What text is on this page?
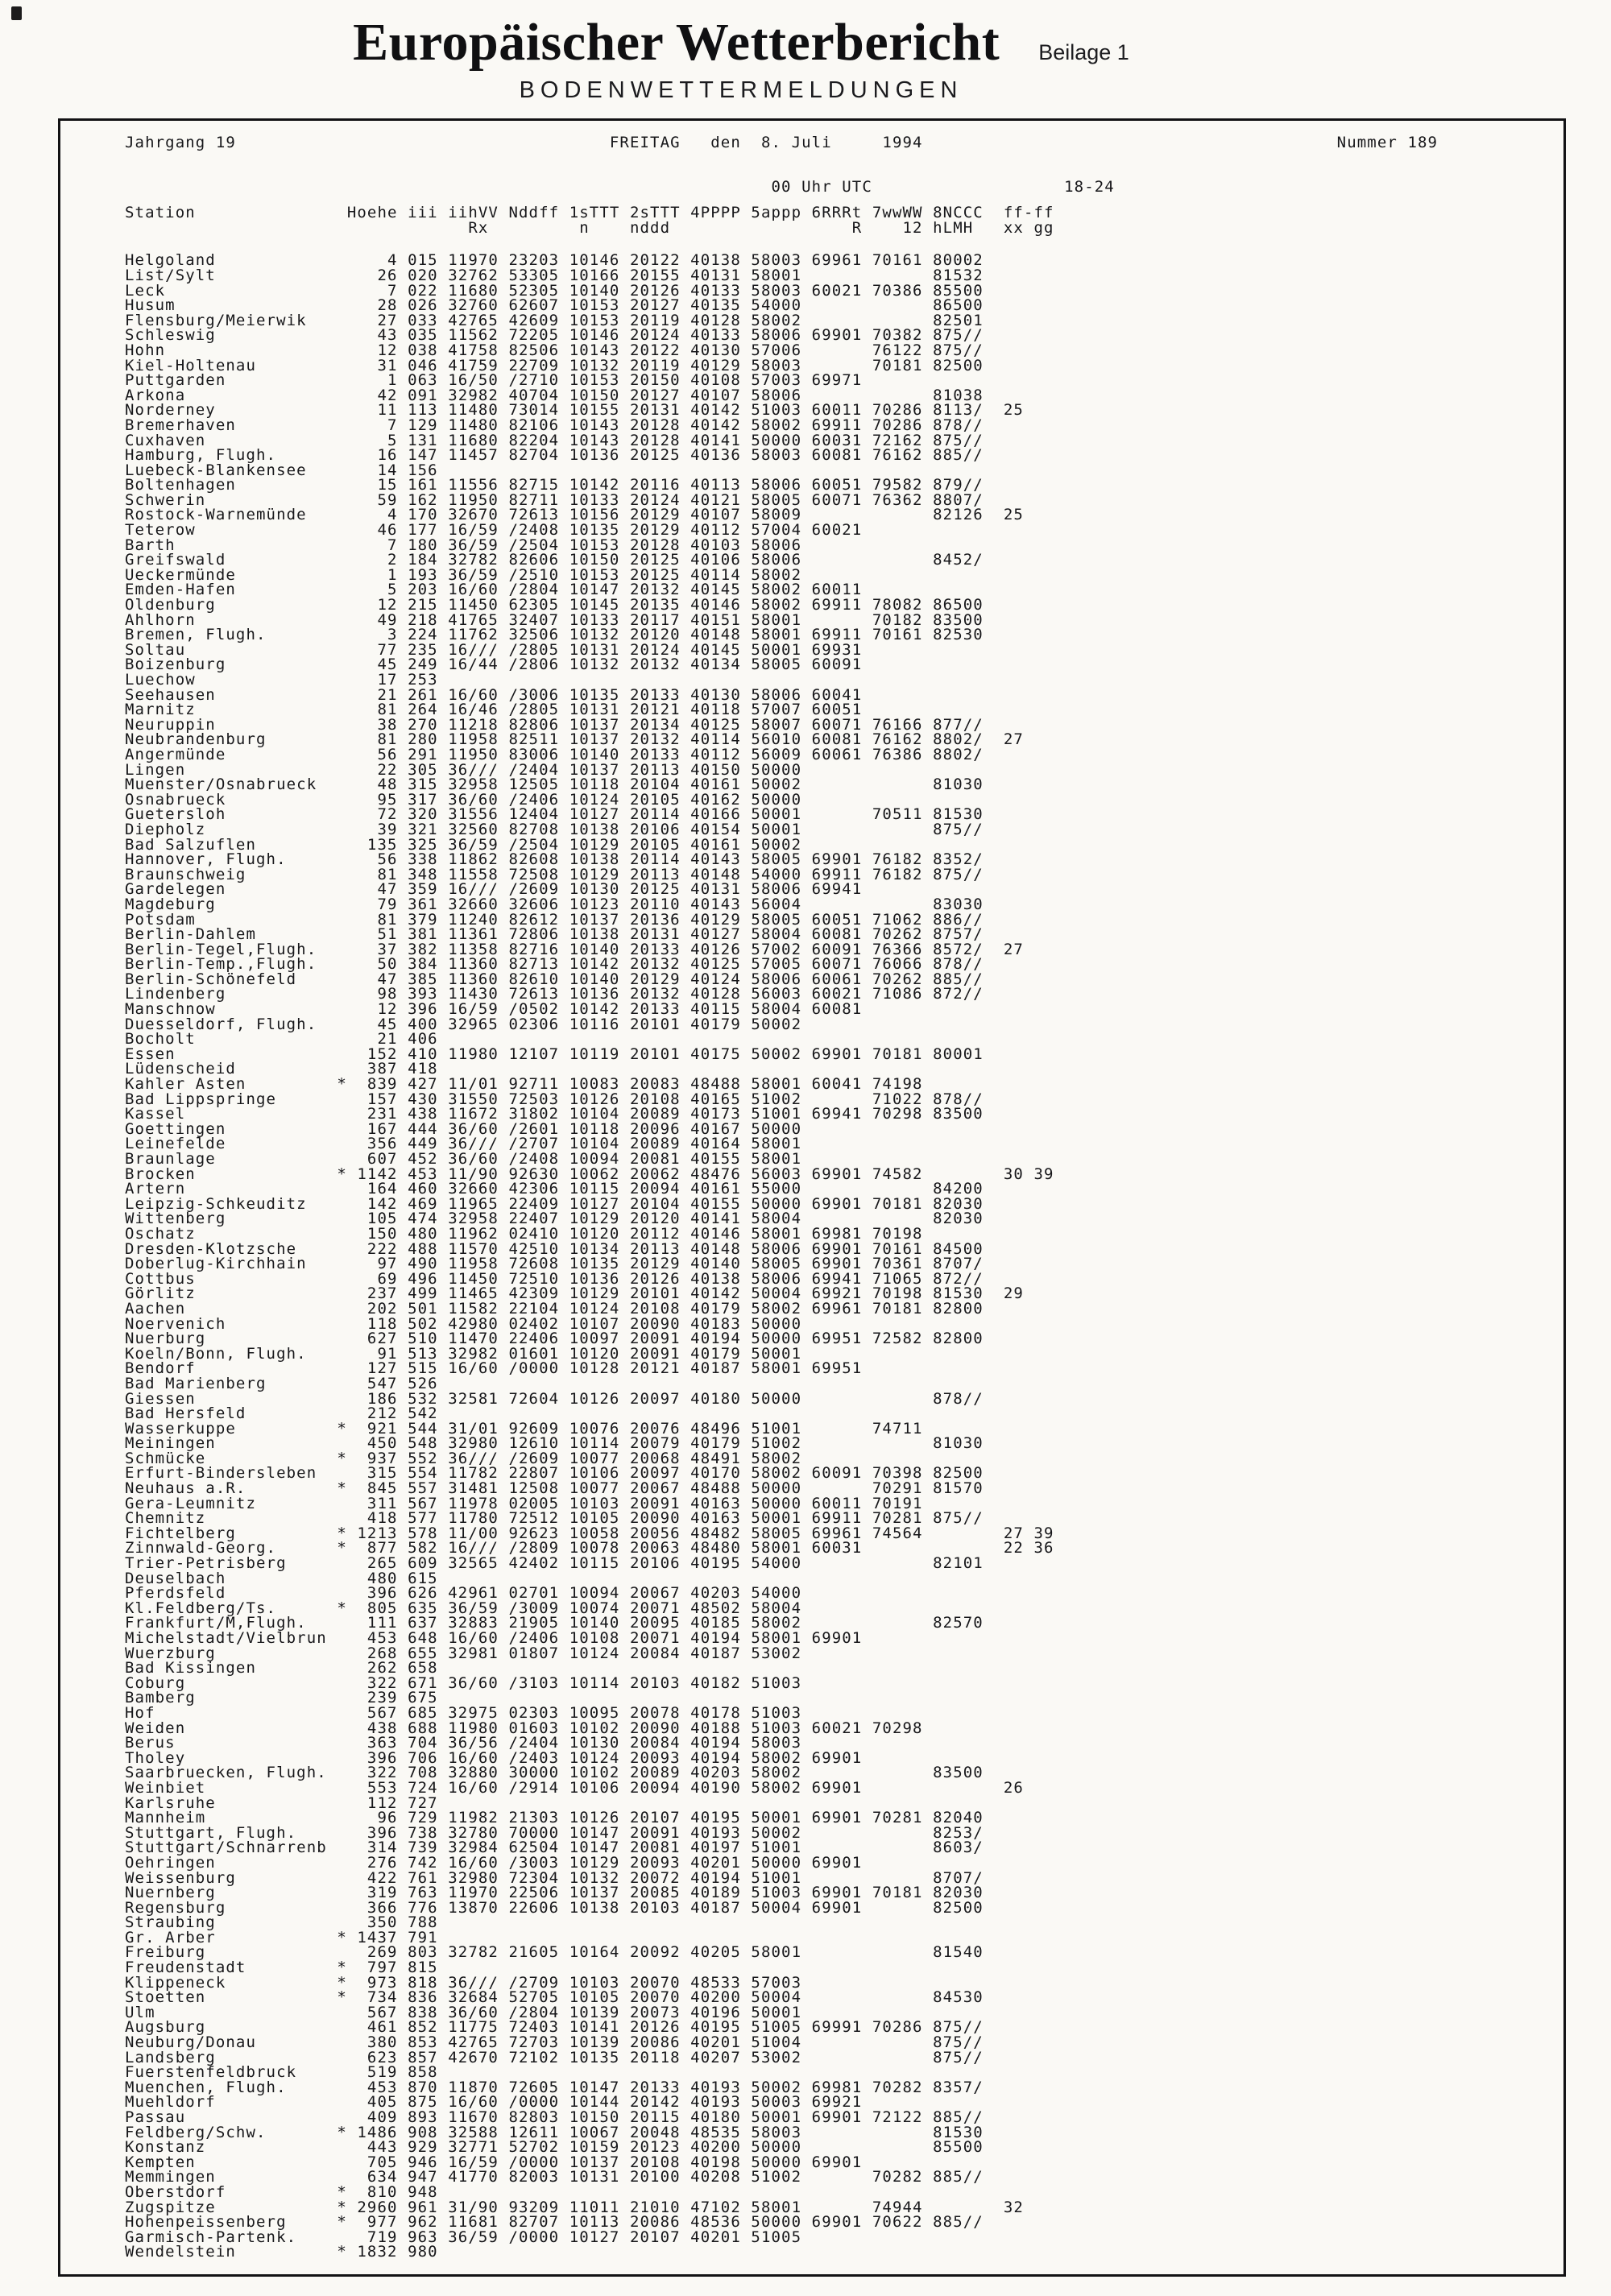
Europäischer Wetterbericht Beilage 1
BODENWETTERMELDUNGEN
Jahrgang 19                                     FREITAG   den  8. Juli     1994                                         Nummer 189
00 Uhr UTC                   18-24
Station               Hoehe iii iihVV Nddff 1sTTT 2sTTT 4PPPP 5appp 6RRRt 7wwWW 8NCCC  ff-ff
Rx         n    nddd                  R    12 hLMH   xx gg
Helgoland                 4 015 11970 23203 10146 20122 40138 58003 69961 70161 80002
List/Sylt                26 020 32762 53305 10166 20155 40131 58001             81532
Leck                      7 022 11680 52305 10140 20126 40133 58003 60021 70386 85500
Husum                    28 026 32760 62607 10153 20127 40135 54000             86500
Flensburg/Meierwik       27 033 42765 42609 10153 20119 40128 58002             82501
Schleswig                43 035 11562 72205 10146 20124 40133 58006 69901 70382 875//
Hohn                     12 038 41758 82506 10143 20122 40130 57006       76122 875//
Kiel-Holtenau            31 046 41759 22709 10132 20119 40129 58003       70181 82500
Puttgarden                1 063 16/50 /2710 10153 20150 40108 57003 69971
Arkona                   42 091 32982 40704 10150 20127 40107 58006             81038
Norderney                11 113 11480 73014 10155 20131 40142 51003 60011 70286 8113/  25
Bremerhaven               7 129 11480 82106 10143 20128 40142 58002 69911 70286 878//
Cuxhaven                  5 131 11680 82204 10143 20128 40141 50000 60031 72162 875//
Hamburg, Flugh.          16 147 11457 82704 10136 20125 40136 58003 60081 76162 885//
Luebeck-Blankensee       14 156
Boltenhagen              15 161 11556 82715 10142 20116 40113 58006 60051 79582 879//
Schwerin                 59 162 11950 82711 10133 20124 40121 58005 60071 76362 8807/
Rostock-Warnemünde        4 170 32670 72613 10156 20129 40107 58009             82126  25
Teterow                  46 177 16/59 /2408 10135 20129 40112 57004 60021
Barth                     7 180 36/59 /2504 10153 20128 40103 58006
Greifswald                2 184 32782 82606 10150 20125 40106 58006             8452/
Ueckermünde               1 193 36/59 /2510 10153 20125 40114 58002
Emden-Hafen               5 203 16/60 /2804 10147 20132 40145 58002 60011
Oldenburg                12 215 11450 62305 10145 20135 40146 58002 69911 78082 86500
Ahlhorn                  49 218 41765 32407 10133 20117 40151 58001       70182 83500
Bremen, Flugh.            3 224 11762 32506 10132 20120 40148 58001 69911 70161 82530
Soltau                   77 235 16/// /2805 10131 20124 40145 50001 69931
Boizenburg               45 249 16/44 /2806 10132 20132 40134 58005 60091
Luechow                  17 253
Seehausen                21 261 16/60 /3006 10135 20133 40130 58006 60041
Marnitz                  81 264 16/46 /2805 10131 20121 40118 57007 60051
Neuruppin                38 270 11218 82806 10137 20134 40125 58007 60071 76166 877//
Neubrandenburg           81 280 11958 82511 10137 20132 40114 56010 60081 76162 8802/  27
Angermünde               56 291 11950 83006 10140 20133 40112 56009 60061 76386 8802/
Lingen                   22 305 36/// /2404 10137 20113 40150 50000
Muenster/Osnabrueck      48 315 32958 12505 10118 20104 40161 50002             81030
Osnabrueck               95 317 36/60 /2406 10124 20105 40162 50000
Guetersloh               72 320 31556 12404 10127 20114 40166 50001       70511 81530
Diepholz                 39 321 32560 82708 10138 20106 40154 50001             875//
Bad Salzuflen           135 325 36/59 /2504 10129 20105 40161 50002
Hannover, Flugh.         56 338 11862 82608 10138 20114 40143 58005 69901 76182 8352/
Braunschweig             81 348 11558 72508 10129 20113 40148 54000 69911 76182 875//
Gardelegen               47 359 16/// /2609 10130 20125 40131 58006 69941
Magdeburg                79 361 32660 32606 10123 20110 40143 56004             83030
Potsdam                  81 379 11240 82612 10137 20136 40129 58005 60051 71062 886//
Berlin-Dahlem            51 381 11361 72806 10138 20131 40127 58004 60081 70262 8757/
Berlin-Tegel,Flugh.      37 382 11358 82716 10140 20133 40126 57002 60091 76366 8572/  27
Berlin-Temp.,Flugh.      50 384 11360 82713 10142 20132 40125 57005 60071 76066 878//
Berlin-Schönefeld        47 385 11360 82610 10140 20129 40124 58006 60061 70262 885//
Lindenberg               98 393 11430 72613 10136 20132 40128 56003 60021 71086 872//
Manschnow                12 396 16/59 /0502 10142 20133 40115 58004 60081
Duesseldorf, Flugh.      45 400 32965 02306 10116 20101 40179 50002
Bocholt                  21 406
Essen                   152 410 11980 12107 10119 20101 40175 50002 69901 70181 80001
Lüdenscheid             387 418
Kahler Asten         *  839 427 11/01 92711 10083 20083 48488 58001 60041 74198
Bad Lippspringe         157 430 31550 72503 10126 20108 40165 51002       71022 878//
Kassel                  231 438 11672 31802 10104 20089 40173 51001 69941 70298 83500
Goettingen              167 444 36/60 /2601 10118 20096 40167 50000
Leinefelde              356 449 36/// /2707 10104 20089 40164 58001
Braunlage               607 452 36/60 /2408 10094 20081 40155 58001
Brocken              * 1142 453 11/90 92630 10062 20062 48476 56003 69901 74582        30 39
Artern                  164 460 32660 42306 10115 20094 40161 55000             84200
Leipzig-Schkeuditz      142 469 11965 22409 10127 20104 40155 50000 69901 70181 82030
Wittenberg              105 474 32958 22407 10129 20120 40141 58004             82030
Oschatz                 150 480 11962 02410 10120 20112 40146 58001 69981 70198
Dresden-Klotzsche       222 488 11570 42510 10134 20113 40148 58006 69901 70161 84500
Doberlug-Kirchhain       97 490 11958 72608 10135 20129 40140 58005 69901 70361 8707/
Cottbus                  69 496 11450 72510 10136 20126 40138 58006 69941 71065 872//
Görlitz                 237 499 11465 42309 10129 20101 40142 50004 69921 70198 81530  29
Aachen                  202 501 11582 22104 10124 20108 40179 58002 69961 70181 82800
Noervenich              118 502 42980 02402 10107 20090 40183 50000
Nuerburg                627 510 11470 22406 10097 20091 40194 50000 69951 72582 82800
Koeln/Bonn, Flugh.       91 513 32982 01601 10120 20091 40179 50001
Bendorf                 127 515 16/60 /0000 10128 20121 40187 58001 69951
Bad Marienberg          547 526
Giessen                 186 532 32581 72604 10126 20097 40180 50000             878//
Bad Hersfeld            212 542
Wasserkuppe          *  921 544 31/01 92609 10076 20076 48496 51001       74711
Meiningen               450 548 32980 12610 10114 20079 40179 51002             81030
Schmücke             *  937 552 36/// /2609 10077 20068 48491 58002
Erfurt-Bindersleben     315 554 11782 22807 10106 20097 40170 58002 60091 70398 82500
Neuhaus a.R.         *  845 557 31481 12508 10077 20067 48488 50000       70291 81570
Gera-Leumnitz           311 567 11978 02005 10103 20091 40163 50000 60011 70191
Chemnitz                418 577 11780 72512 10105 20090 40163 50001 69911 70281 875//
Fichtelberg          * 1213 578 11/00 92623 10058 20056 48482 58005 69961 74564        27 39
Zinnwald-Georg.      *  877 582 16/// /2809 10078 20063 48480 58001 60031              22 36
Trier-Petrisberg        265 609 32565 42402 10115 20106 40195 54000             82101
Deuselbach              480 615
Pferdsfeld              396 626 42961 02701 10094 20067 40203 54000
Kl.Feldberg/Ts.      *  805 635 36/59 /3009 10074 20071 48502 58004
Frankfurt/M,Flugh.      111 637 32883 21905 10140 20095 40185 58002             82570
Michelstadt/Vielbrun    453 648 16/60 /2406 10108 20071 40194 58001 69901
Wuerzburg               268 655 32981 01807 10124 20084 40187 53002
Bad Kissingen           262 658
Coburg                  322 671 36/60 /3103 10114 20103 40182 51003
Bamberg                 239 675
Hof                     567 685 32975 02303 10095 20078 40178 51003
Weiden                  438 688 11980 01603 10102 20090 40188 51003 60021 70298
Berus                   363 704 36/56 /2404 10130 20084 40194 58003
Tholey                  396 706 16/60 /2403 10124 20093 40194 58002 69901
Saarbruecken, Flugh.    322 708 32880 30000 10102 20089 40203 58002             83500
Weinbiet                553 724 16/60 /2914 10106 20094 40190 58002 69901              26
Karlsruhe               112 727
Mannheim                 96 729 11982 21303 10126 20107 40195 50001 69901 70281 82040
Stuttgart, Flugh.       396 738 32780 70000 10147 20091 40193 50002             8253/
Stuttgart/Schnarrenb    314 739 32984 62504 10147 20081 40197 51001             8603/
Oehringen               276 742 16/60 /3003 10129 20093 40201 50000 69901
Weissenburg             422 761 32980 72304 10132 20072 40194 51001             8707/
Nuernberg               319 763 11970 22506 10137 20085 40189 51003 69901 70181 82030
Regensburg              366 776 13870 22606 10138 20103 40187 50004 69901       82500
Straubing               350 788
Gr. Arber            * 1437 791
Freiburg                269 803 32782 21605 10164 20092 40205 58001             81540
Freudenstadt         *  797 815
Klippeneck           *  973 818 36/// /2709 10103 20070 48533 57003
Stoetten             *  734 836 32684 52705 10105 20070 40200 50004             84530
Ulm                     567 838 36/60 /2804 10139 20073 40196 50001
Augsburg                461 852 11775 72403 10141 20126 40195 51005 69991 70286 875//
Neuburg/Donau           380 853 42765 72703 10139 20086 40201 51004             875//
Landsberg               623 857 42670 72102 10135 20118 40207 53002             875//
Fuerstenfeldbruck       519 858
Muenchen, Flugh.        453 870 11870 72605 10147 20133 40193 50002 69981 70282 8357/
Muehldorf               405 875 16/60 /0000 10144 20142 40193 50003 69921
Passau                  409 893 11670 82803 10150 20115 40180 50001 69901 72122 885//
Feldberg/Schw.       * 1486 908 32588 12611 10067 20048 48535 58003             81530
Konstanz                443 929 32771 52702 10159 20123 40200 50000             85500
Kempten                 705 946 16/59 /0000 10137 20108 40198 50000 69901
Memmingen               634 947 41770 82003 10131 20100 40208 51002       70282 885//
Oberstdorf           *  810 948
Zugspitze            * 2960 961 31/90 93209 11011 21010 47102 58001       74944        32
Hohenpeissenberg     *  977 962 11681 82707 10113 20086 48536 50000 69901 70622 885//
Garmisch-Partenk.       719 963 36/59 /0000 10127 20107 40201 51005
Wendelstein          * 1832 980
